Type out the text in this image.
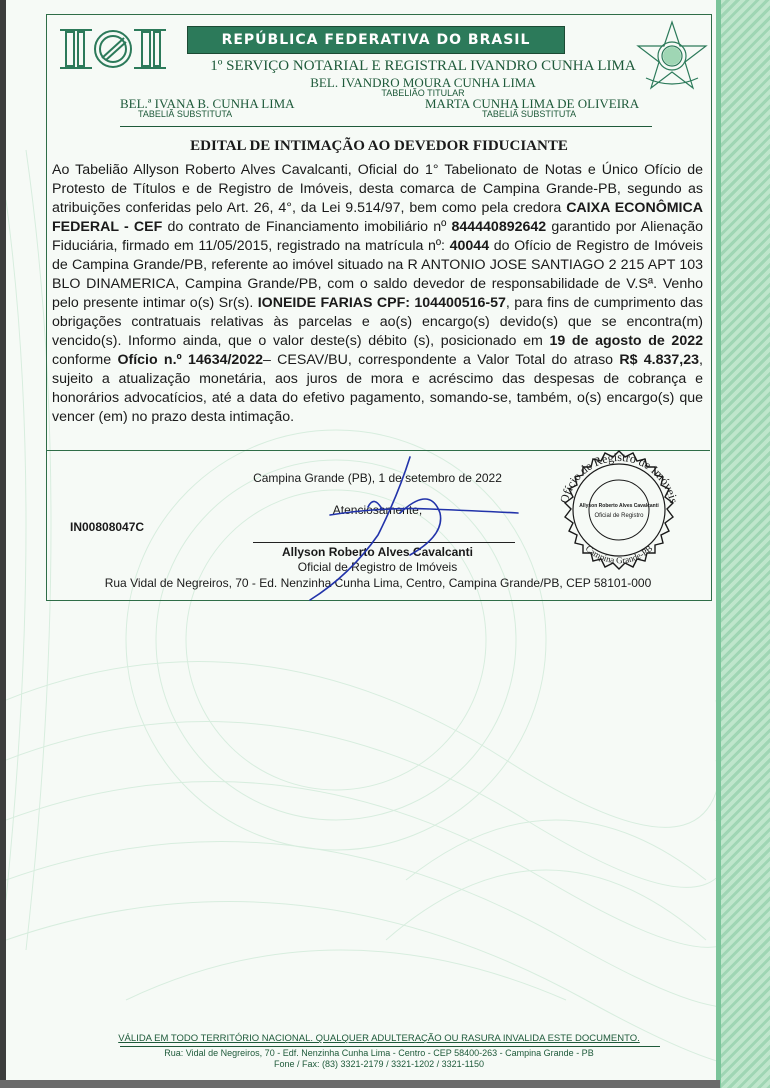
REPÚBLICA FEDERATIVA DO BRASIL
1º SERVIÇO NOTARIAL E REGISTRAL IVANDRO CUNHA LIMA
BEL. IVANDRO MOURA CUNHA LIMA
TABELIÃO TITULAR
BEL.ª IVANA B. CUNHA LIMA
TABELIÃ SUBSTITUTA
MARTA CUNHA LIMA DE OLIVEIRA
TABELIÃ SUBSTITUTA
EDITAL DE INTIMAÇÃO AO DEVEDOR FIDUCIANTE

Ao Tabelião Allyson Roberto Alves Cavalcanti, Oficial do 1° Tabelionato de Notas e Único Ofício de Protesto de Títulos e de Registro de Imóveis, desta comarca de Campina Grande-PB, segundo as atribuições conferidas pelo Art. 26, 4°, da Lei 9.514/97, bem como pela credora CAIXA ECONÔMICA FEDERAL - CEF do contrato de Financiamento imobiliário nº 844440892642 garantido por Alienação Fiduciária, firmado em 11/05/2015, registrado na matrícula nº: 40044 do Ofício de Registro de Imóveis de Campina Grande/PB, referente ao imóvel situado na R ANTONIO JOSE SANTIAGO 2 215 APT 103 BLO DINAMERICA, Campina Grande/PB, com o saldo devedor de responsabilidade de V.Sª. Venho pelo presente intimar o(s) Sr(s). IONEIDE FARIAS CPF: 104400516-57, para fins de cumprimento das obrigações contratuais relativas às parcelas e ao(s) encargo(s) devido(s) que se encontra(m) vencido(s). Informo ainda, que o valor deste(s) débito (s), posicionado em 19 de agosto de 2022 conforme Ofício n.º 14634/2022– CESAV/BU, correspondente a Valor Total do atraso R$ 4.837,23, sujeito a atualização monetária, aos juros de mora e acréscimo das despesas de cobrança e honorários advocatícios, até a data do efetivo pagamento, somando-se, também, o(s) encargo(s) que vencer (em) no prazo desta intimação.

Campina Grande (PB), 1 de setembro de 2022
Atenciosamente,
IN00808047C
Allyson Roberto Alves Cavalcanti
Oficial de Registro de Imóveis
Rua Vidal de Negreiros, 70 - Ed. Nenzinha Cunha Lima, Centro, Campina Grande/PB, CEP 58101-000
Ofício de Registro de Imóveis
Campina Grande-PB
Allyson Roberto Alves Cavalcanti
Oficial de Registro
VÁLIDA EM TODO TERRITÓRIO NACIONAL. QUALQUER ADULTERAÇÃO OU RASURA INVALIDA ESTE DOCUMENTO.
Rua: Vidal de Negreiros, 70 - Edf. Nenzinha Cunha Lima - Centro - CEP 58400-263 - Campina Grande - PB
Fone / Fax: (83) 3321-2179 / 3321-1202 / 3321-1150
